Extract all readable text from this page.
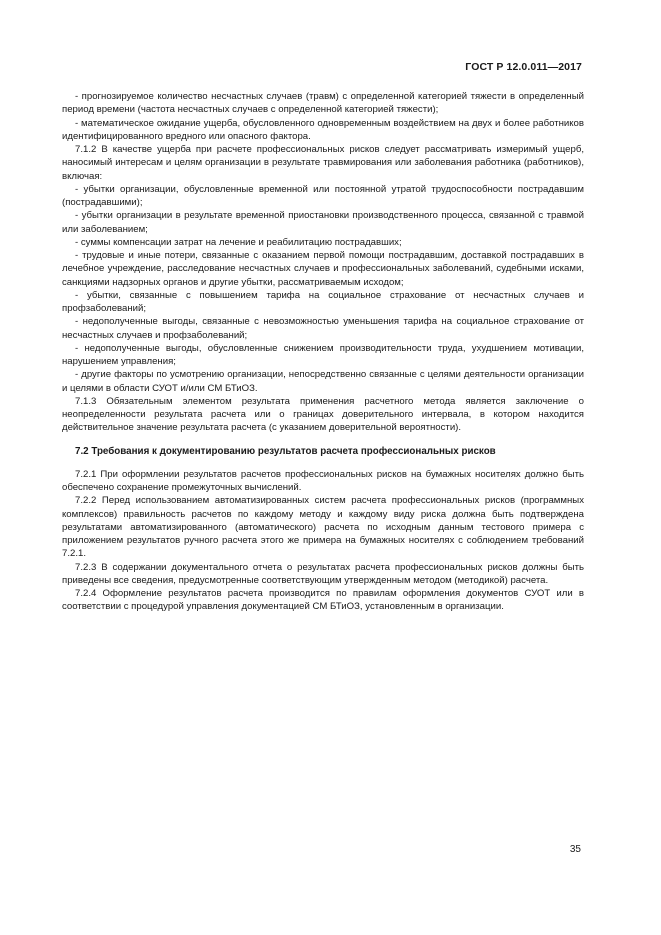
ГОСТ Р 12.0.011—2017

- прогнозируемое количество несчастных случаев (травм) с определенной категорией тяжести в определенный период времени (частота несчастных случаев с определенной категорией тяжести);

- математическое ожидание ущерба, обусловленного одновременным воздействием на двух и более работников идентифицированного вредного или опасного фактора.

7.1.2 В качестве ущерба при расчете профессиональных рисков следует рассматривать измеримый ущерб, наносимый интересам и целям организации в результате травмирования или заболевания работника (работников), включая:

- убытки организации, обусловленные временной или постоянной утратой трудоспособности пострадавшим (пострадавшими);

- убытки организации в результате временной приостановки производственного процесса, связанной с травмой или заболеванием;

- суммы компенсации затрат на лечение и реабилитацию пострадавших;

- трудовые и иные потери, связанные с оказанием первой помощи пострадавшим, доставкой пострадавших в лечебное учреждение, расследование несчастных случаев и профессиональных заболеваний, судебными исками, санкциями надзорных органов и другие убытки, рассматриваемым исходом;

- убытки, связанные с повышением тарифа на социальное страхование от несчастных случаев и профзаболеваний;

- недополученные выгоды, связанные с невозможностью уменьшения тарифа на социальное страхование от несчастных случаев и профзаболеваний;

- недополученные выгоды, обусловленные снижением производительности труда, ухудшением мотивации, нарушением управления;

- другие факторы по усмотрению организации, непосредственно связанные с целями деятельности организации и целями в области СУОТ и/или СМ БТиОЗ.

7.1.3 Обязательным элементом результата применения расчетного метода является заключение о неопределенности результата расчета или о границах доверительного интервала, в котором находится действительное значение результата расчета (с указанием доверительной вероятности).

7.2 Требования к документированию результатов расчета профессиональных рисков

7.2.1 При оформлении результатов расчетов профессиональных рисков на бумажных носителях должно быть обеспечено сохранение промежуточных вычислений.

7.2.2 Перед использованием автоматизированных систем расчета профессиональных рисков (программных комплексов) правильность расчетов по каждому методу и каждому виду риска должна быть подтверждена результатами автоматизированного (автоматического) расчета по исходным данным тестового примера с приложением результатов ручного расчета этого же примера на бумажных носителях с соблюдением требований 7.2.1.

7.2.3 В содержании документального отчета о результатах расчета профессиональных рисков должны быть приведены все сведения, предусмотренные соответствующим утвержденным методом (методикой) расчета.

7.2.4 Оформление результатов расчета производится по правилам оформления документов СУОТ или в соответствии с процедурой управления документацией СМ БТиОЗ, установленным в организации.

35
